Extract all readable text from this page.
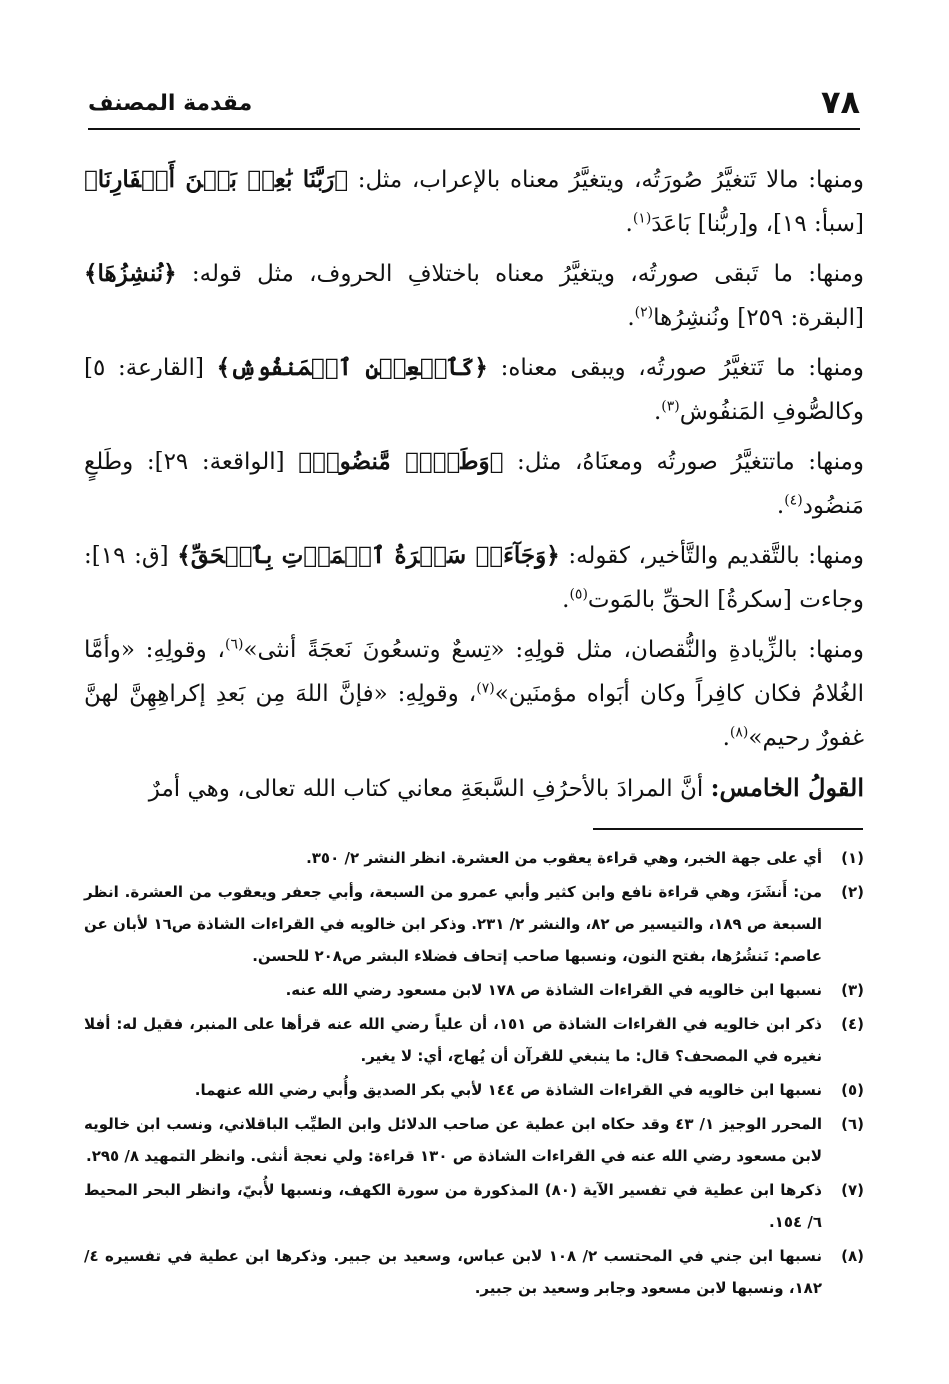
٧٨
مقدمة المصنف

ومنها: مالا تَتغيَّرُ صُورَتُه، ويتغيَّرُ معناه بالإعراب، مثل: ﴿رَبَّنَا بَٰعِدۡ بَيۡنَ أَسۡفَارِنَا﴾ [سبأ: ١٩]، و[ربُّنا] بَاعَدَ$^{(١)}$.

ومنها: ما تَبقى صورتُه، ويتغيَّرُ معناه باختلافِ الحروف، مثل قوله: ﴿نُنشِزُهَا﴾ [البقرة: ٢٥٩] ونُنشِرُها$^{(٢)}$.

ومنها: ما تَتغيَّرُ صورتُه، ويبقى معناه: ﴿كَٱلۡعِهۡنِ ٱلۡمَنفُوشِ﴾ [القارعة: ٥] وكالصُّوفِ المَنفُوش$^{(٣)}$.

ومنها: ماتتغيَّرُ صورتُه ومعنَاهُ، مثل: ﴿وَطَلۡحٖ مَّنضُودٖ﴾ [الواقعة: ٢٩]: وطَلعٍ مَنضُود$^{(٤)}$.

ومنها: بالتَّقديم والتَّأخير، كقوله: ﴿وَجَآءَتۡ سَكۡرَةُ ٱلۡمَوۡتِ بِٱلۡحَقِّ﴾ [ق: ١٩]: وجاءت [سكرةُ] الحقِّ بالمَوت$^{(٥)}$.

ومنها: بالزِّيادةِ والنُّقصان، مثل قولِهِ: «تِسعٌ وتسعُونَ نَعجَةً أنثى»$^{(٦)}$، وقولِهِ: «وأمَّا الغُلامُ فكان كافِراً وكان أبَواه مؤمنَين»$^{(٧)}$، وقولِهِ: «فإنَّ اللهَ مِن بَعدِ إكراهِهِنَّ لهنَّ غفورٌ رحيم»$^{(٨)}$.

القولُ الخامس: أنَّ المرادَ بالأحرُفِ السَّبعَةِ معاني كتاب الله تعالى، وهي أمرٌ

(١)
أي على جهة الخبر، وهي قراءة يعقوب من العشرة. انظر النشر ٢/ ٣٥٠.
(٢)
من: أَنشَرَ، وهي قراءة نافع وابن كثير وأبي عمرو من السبعة، وأبي جعفر ويعقوب من العشرة. انظر السبعة ص ١٨٩، والتيسير ص ٨٢، والنشر ٢/ ٢٣١. وذكر ابن خالويه في القراءات الشاذة ص١٦ لأبان عن عاصم: نَنشُرُها، بفتح النون، ونسبها صاحب إتحاف فضلاء البشر ص٢٠٨ للحسن.
(٣)
نسبها ابن خالويه في القراءات الشاذة ص ١٧٨ لابن مسعود رضي الله عنه.
(٤)
ذكر ابن خالويه في القراءات الشاذة ص ١٥١، أن علياً رضي الله عنه قرأها على المنبر، فقيل له: أفلا نغيره في المصحف؟ قال: ما ينبغي للقرآن أن يُهاج، أي: لا يغير.
(٥)
نسبها ابن خالويه في القراءات الشاذة ص ١٤٤ لأبي بكر الصديق وأُبي رضي الله عنهما.
(٦)
المحرر الوجيز ١/ ٤٣ وقد حكاه ابن عطية عن صاحب الدلائل وابن الطيِّب الباقلاني، ونسب ابن خالويه لابن مسعود رضي الله عنه في القراءات الشاذة ص ١٣٠ قراءة: ولي نعجة أنثى. وانظر التمهيد ٨/ ٢٩٥.
(٧)
ذكرها ابن عطية في تفسير الآية (٨٠) المذكورة من سورة الكهف، ونسبها لأُبيّ، وانظر البحر المحيط ٦/ ١٥٤.
(٨)
نسبها ابن جني في المحتسب ٢/ ١٠٨ لابن عباس، وسعيد بن جبير. وذكرها ابن عطية في تفسيره ٤/ ١٨٢، ونسبها لابن مسعود وجابر وسعيد بن جبير.
